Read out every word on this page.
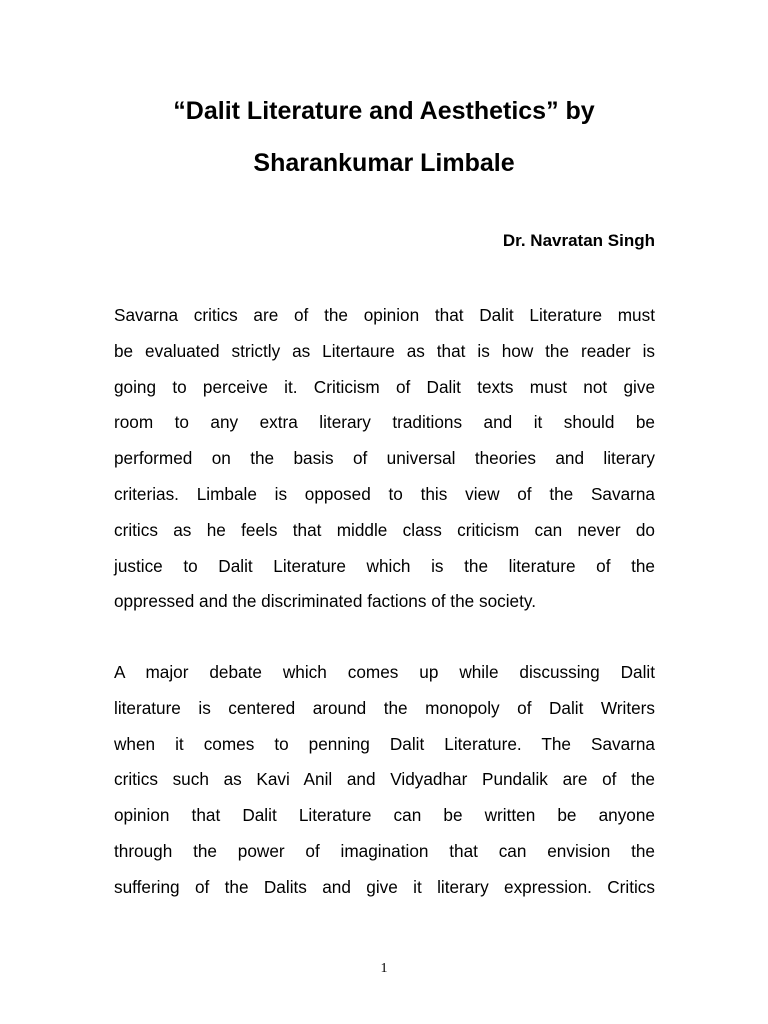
“Dalit Literature and Aesthetics” by
Sharankumar Limbale

Dr. Navratan Singh

Savarna critics are of the opinion that Dalit Literature must
be evaluated strictly as Litertaure as that is how the reader is
going to perceive it. Criticism of Dalit texts must not give
room to any extra literary traditions and it should be
performed on the basis of universal theories and literary
criterias. Limbale is opposed to this view of the Savarna
critics as he feels that middle class criticism can never do
justice to Dalit Literature which is the literature of the
oppressed and the discriminated factions of the society.
A major debate which comes up while discussing Dalit
literature is centered around the monopoly of Dalit Writers
when it comes to penning Dalit Literature. The Savarna
critics such as Kavi Anil and Vidyadhar Pundalik are of the
opinion that Dalit Literature can be written be anyone
through the power of imagination that can envision the
suffering of the Dalits and give it literary expression. Critics

1
